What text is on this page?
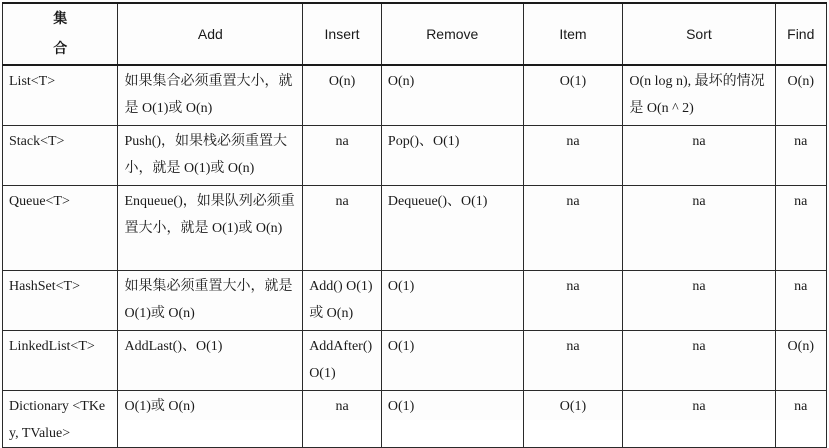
集 合	Add	Insert	Remove	Item	Sort	Find

List<T>	如果集合必须重置大小，就是 O(1)或 O(n)	O(n)	O(n)	O(1)	O(n log n), 最坏的情况是 O(n ^ 2)	O(n)

Stack<T>	Push()，如果栈必须重置大小，就是 O(1)或 O(n)	na	Pop()、O(1)	na	na	na

Queue<T>	Enqueue()，如果队列必须重置大小，就是 O(1)或 O(n)	na	Dequeue()、O(1)	na	na	na

HashSet<T>	如果集必须重置大小，就是 O(1)或 O(n)	Add() O(1)或 O(n)	O(1)	na	na	na

LinkedList<T>	AddLast()、O(1)	AddAfter() O(1)	O(1)	na	na	O(n)

Dictionary <TKey, TValue>	O(1)或 O(n)	na	O(1)	O(1)	na	na
